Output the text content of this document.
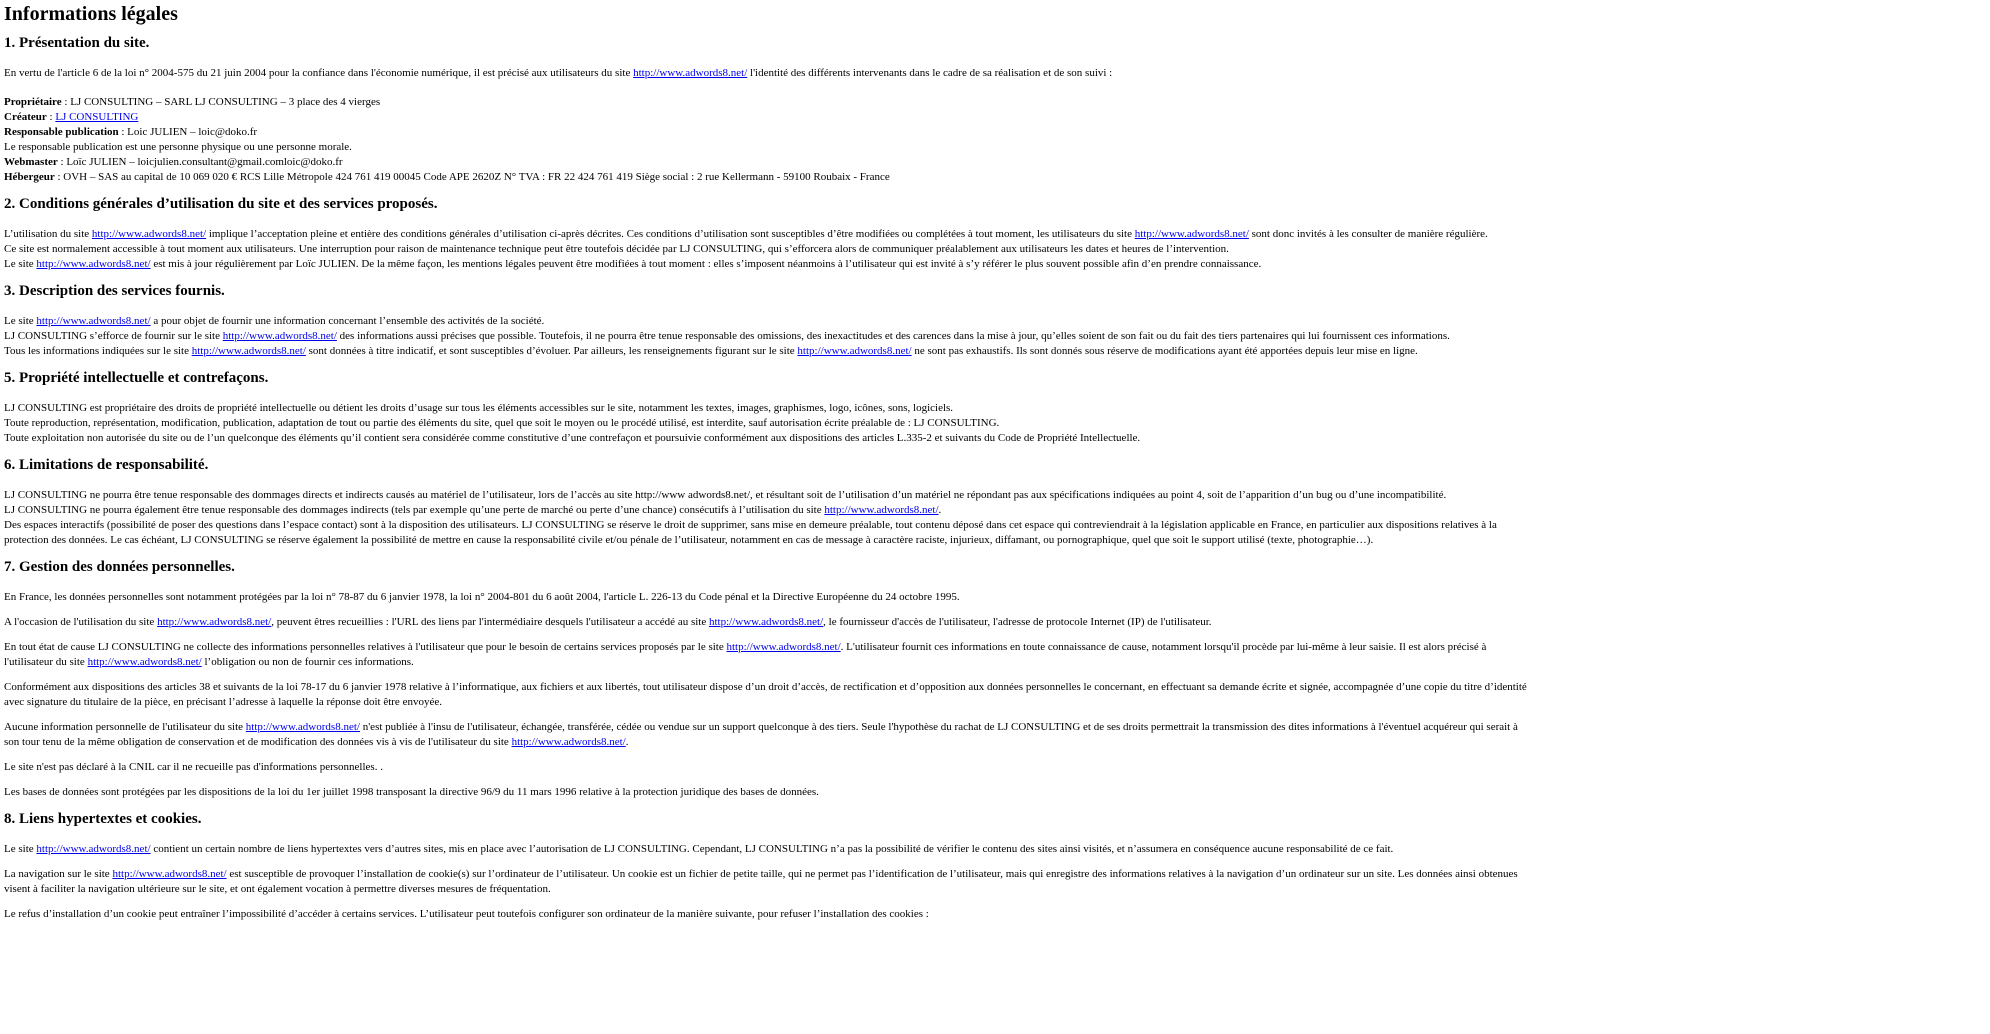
Informations légales
1. Présentation du site.

En vertu de l'article 6 de la loi n° 2004-575 du 21 juin 2004 pour la confiance dans l'économie numérique, il est précisé aux utilisateurs du site http://www.adwords8.net/ l'identité des différents intervenants dans le cadre de sa réalisation et de son suivi :

Propriétaire : LJ CONSULTING – SARL LJ CONSULTING – 3 place des 4 vierges
Créateur : LJ CONSULTING
Responsable publication : Loic JULIEN – loic@doko.fr
Le responsable publication est une personne physique ou une personne morale.
Webmaster : Loïc JULIEN – loicjulien.consultant@gmail.comloic@doko.fr
Hébergeur : OVH – SAS au capital de 10 069 020 € RCS Lille Métropole 424 761 419 00045 Code APE 2620Z N° TVA : FR 22 424 761 419 Siège social : 2 rue Kellermann - 59100 Roubaix - France

2. Conditions générales d’utilisation du site et des services proposés.

L’utilisation du site http://www.adwords8.net/ implique l’acceptation pleine et entière des conditions générales d’utilisation ci-après décrites. Ces conditions d’utilisation sont susceptibles d’être modifiées ou complétées à tout moment, les utilisateurs du site http://www.adwords8.net/ sont donc invités à les consulter de manière régulière.
Ce site est normalement accessible à tout moment aux utilisateurs. Une interruption pour raison de maintenance technique peut être toutefois décidée par LJ CONSULTING, qui s’efforcera alors de communiquer préalablement aux utilisateurs les dates et heures de l’intervention.
Le site http://www.adwords8.net/ est mis à jour régulièrement par Loïc JULIEN. De la même façon, les mentions légales peuvent être modifiées à tout moment : elles s’imposent néanmoins à l’utilisateur qui est invité à s’y référer le plus souvent possible afin d’en prendre connaissance.

3. Description des services fournis.

Le site http://www.adwords8.net/ a pour objet de fournir une information concernant l’ensemble des activités de la société.
LJ CONSULTING s’efforce de fournir sur le site http://www.adwords8.net/ des informations aussi précises que possible. Toutefois, il ne pourra être tenue responsable des omissions, des inexactitudes et des carences dans la mise à jour, qu’elles soient de son fait ou du fait des tiers partenaires qui lui fournissent ces informations.
Tous les informations indiquées sur le site http://www.adwords8.net/ sont données à titre indicatif, et sont susceptibles d’évoluer. Par ailleurs, les renseignements figurant sur le site http://www.adwords8.net/ ne sont pas exhaustifs. Ils sont donnés sous réserve de modifications ayant été apportées depuis leur mise en ligne.

5. Propriété intellectuelle et contrefaçons.

LJ CONSULTING est propriétaire des droits de propriété intellectuelle ou détient les droits d’usage sur tous les éléments accessibles sur le site, notamment les textes, images, graphismes, logo, icônes, sons, logiciels.
Toute reproduction, représentation, modification, publication, adaptation de tout ou partie des éléments du site, quel que soit le moyen ou le procédé utilisé, est interdite, sauf autorisation écrite préalable de : LJ CONSULTING.
Toute exploitation non autorisée du site ou de l’un quelconque des éléments qu’il contient sera considérée comme constitutive d’une contrefaçon et poursuivie conformément aux dispositions des articles L.335-2 et suivants du Code de Propriété Intellectuelle.

6. Limitations de responsabilité.

LJ CONSULTING ne pourra être tenue responsable des dommages directs et indirects causés au matériel de l’utilisateur, lors de l’accès au site http://www adwords8.net/, et résultant soit de l’utilisation d’un matériel ne répondant pas aux spécifications indiquées au point 4, soit de l’apparition d’un bug ou d’une incompatibilité.
LJ CONSULTING ne pourra également être tenue responsable des dommages indirects (tels par exemple qu’une perte de marché ou perte d’une chance) consécutifs à l’utilisation du site http://www.adwords8.net/.
Des espaces interactifs (possibilité de poser des questions dans l’espace contact) sont à la disposition des utilisateurs. LJ CONSULTING se réserve le droit de supprimer, sans mise en demeure préalable, tout contenu déposé dans cet espace qui contreviendrait à la législation applicable en France, en particulier aux dispositions relatives à la
protection des données. Le cas échéant, LJ CONSULTING se réserve également la possibilité de mettre en cause la responsabilité civile et/ou pénale de l’utilisateur, notamment en cas de message à caractère raciste, injurieux, diffamant, ou pornographique, quel que soit le support utilisé (texte, photographie…).

7. Gestion des données personnelles.

En France, les données personnelles sont notamment protégées par la loi n° 78-87 du 6 janvier 1978, la loi n° 2004-801 du 6 août 2004, l'article L. 226-13 du Code pénal et la Directive Européenne du 24 octobre 1995.

A l'occasion de l'utilisation du site http://www.adwords8.net/, peuvent êtres recueillies : l'URL des liens par l'intermédiaire desquels l'utilisateur a accédé au site http://www.adwords8.net/, le fournisseur d'accès de l'utilisateur, l'adresse de protocole Internet (IP) de l'utilisateur.

En tout état de cause LJ CONSULTING ne collecte des informations personnelles relatives à l'utilisateur que pour le besoin de certains services proposés par le site http://www.adwords8.net/. L'utilisateur fournit ces informations en toute connaissance de cause, notamment lorsqu'il procède par lui-même à leur saisie. Il est alors précisé à
l'utilisateur du site http://www.adwords8.net/ l’obligation ou non de fournir ces informations.

Conformément aux dispositions des articles 38 et suivants de la loi 78-17 du 6 janvier 1978 relative à l’informatique, aux fichiers et aux libertés, tout utilisateur dispose d’un droit d’accès, de rectification et d’opposition aux données personnelles le concernant, en effectuant sa demande écrite et signée, accompagnée d’une copie du titre d’identité
avec signature du titulaire de la pièce, en précisant l’adresse à laquelle la réponse doit être envoyée.

Aucune information personnelle de l'utilisateur du site http://www.adwords8.net/ n'est publiée à l'insu de l'utilisateur, échangée, transférée, cédée ou vendue sur un support quelconque à des tiers. Seule l'hypothèse du rachat de LJ CONSULTING et de ses droits permettrait la transmission des dites informations à l'éventuel acquéreur qui serait à
son tour tenu de la même obligation de conservation et de modification des données vis à vis de l'utilisateur du site http://www.adwords8.net/.

Le site n'est pas déclaré à la CNIL car il ne recueille pas d'informations personnelles. .

Les bases de données sont protégées par les dispositions de la loi du 1er juillet 1998 transposant la directive 96/9 du 11 mars 1996 relative à la protection juridique des bases de données.

8. Liens hypertextes et cookies.

Le site http://www.adwords8.net/ contient un certain nombre de liens hypertextes vers d’autres sites, mis en place avec l’autorisation de LJ CONSULTING. Cependant, LJ CONSULTING n’a pas la possibilité de vérifier le contenu des sites ainsi visités, et n’assumera en conséquence aucune responsabilité de ce fait.

La navigation sur le site http://www.adwords8.net/ est susceptible de provoquer l’installation de cookie(s) sur l’ordinateur de l’utilisateur. Un cookie est un fichier de petite taille, qui ne permet pas l’identification de l’utilisateur, mais qui enregistre des informations relatives à la navigation d’un ordinateur sur un site. Les données ainsi obtenues
visent à faciliter la navigation ultérieure sur le site, et ont également vocation à permettre diverses mesures de fréquentation.

Le refus d’installation d’un cookie peut entraîner l’impossibilité d’accéder à certains services. L’utilisateur peut toutefois configurer son ordinateur de la manière suivante, pour refuser l’installation des cookies :
